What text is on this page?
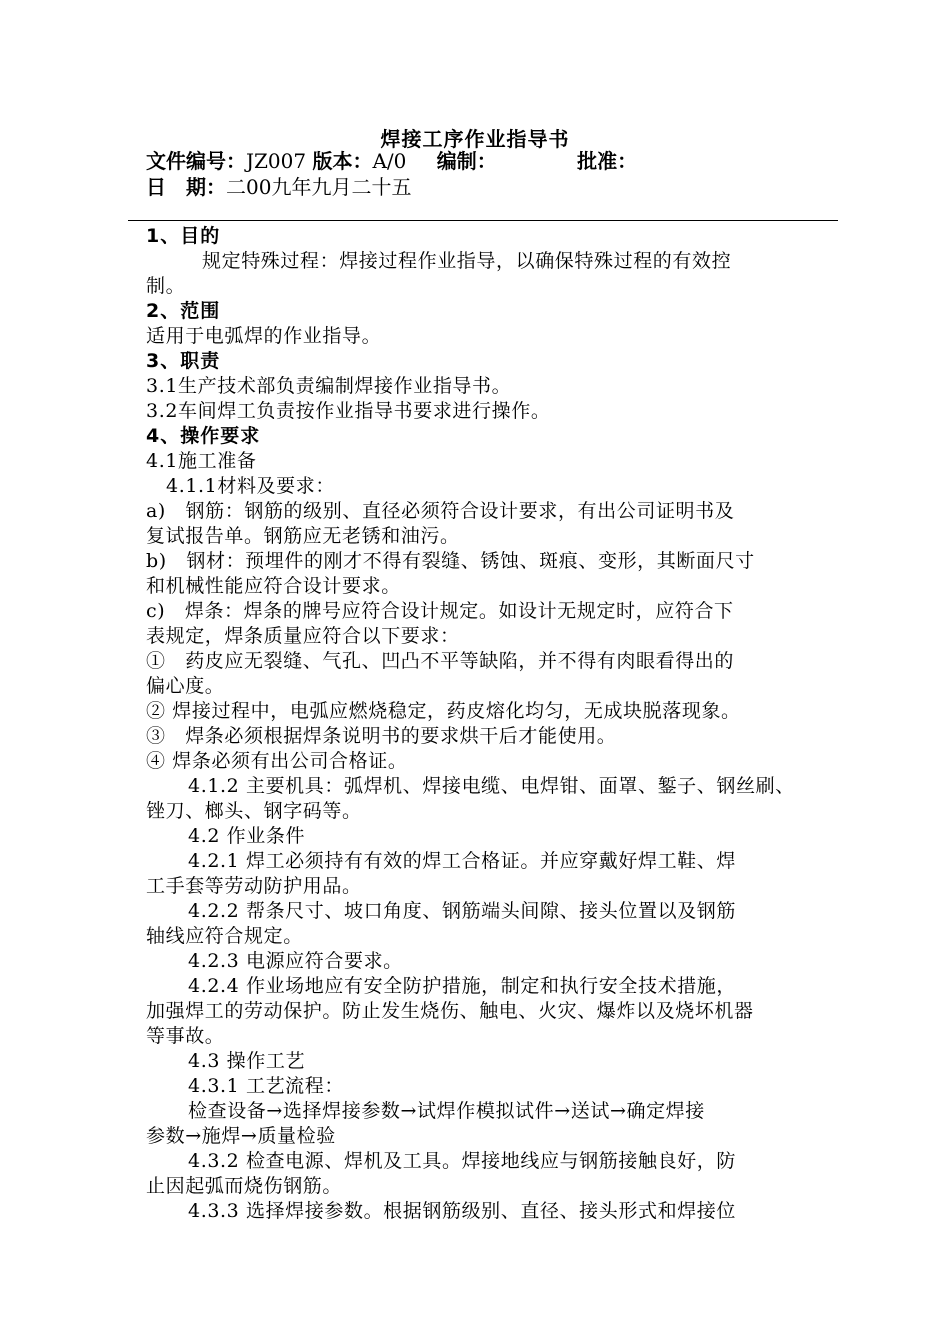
焊接工序作业指导书
文件编号：JZ007 版本：A/0 编制：	批准：
日　期：二00九年九月二十五

1、目的

规定特殊过程：焊接过程作业指导，以确保特殊过程的有效控

制。

2、范围

适用于电弧焊的作业指导。

3、职责

3.1生产技术部负责编制焊接作业指导书。

3.2车间焊工负责按作业指导书要求进行操作。

4、操作要求

4.1施工准备

4.1.1材料及要求：

a)　钢筋：钢筋的级别、直径必须符合设计要求，有出公司证明书及

复试报告单。钢筋应无老锈和油污。

b)　钢材：预埋件的刚才不得有裂缝、锈蚀、斑痕、变形，其断面尺寸

和机械性能应符合设计要求。

c)　焊条：焊条的牌号应符合设计规定。如设计无规定时，应符合下

表规定，焊条质量应符合以下要求：

①　药皮应无裂缝、气孔、凹凸不平等缺陷，并不得有肉眼看得出的

偏心度。

② 焊接过程中，电弧应燃烧稳定，药皮熔化均匀，无成块脱落现象。

③　焊条必须根据焊条说明书的要求烘干后才能使用。

④ 焊条必须有出公司合格证。

4.1.2 主要机具：弧焊机、焊接电缆、电焊钳、面罩、錾子、钢丝刷、

锉刀、榔头、钢字码等。

4.2 作业条件

4.2.1 焊工必须持有有效的焊工合格证。并应穿戴好焊工鞋、焊

工手套等劳动防护用品。

4.2.2 帮条尺寸、坡口角度、钢筋端头间隙、接头位置以及钢筋

轴线应符合规定。

4.2.3 电源应符合要求。

4.2.4 作业场地应有安全防护措施，制定和执行安全技术措施，

加强焊工的劳动保护。防止发生烧伤、触电、火灾、爆炸以及烧坏机器

等事故。

4.3 操作工艺

4.3.1 工艺流程：

检查设备→选择焊接参数→试焊作模拟试件→送试→确定焊接

参数→施焊→质量检验

4.3.2 检查电源、焊机及工具。焊接地线应与钢筋接触良好，防

止因起弧而烧伤钢筋。

4.3.3 选择焊接参数。根据钢筋级别、直径、接头形式和焊接位
